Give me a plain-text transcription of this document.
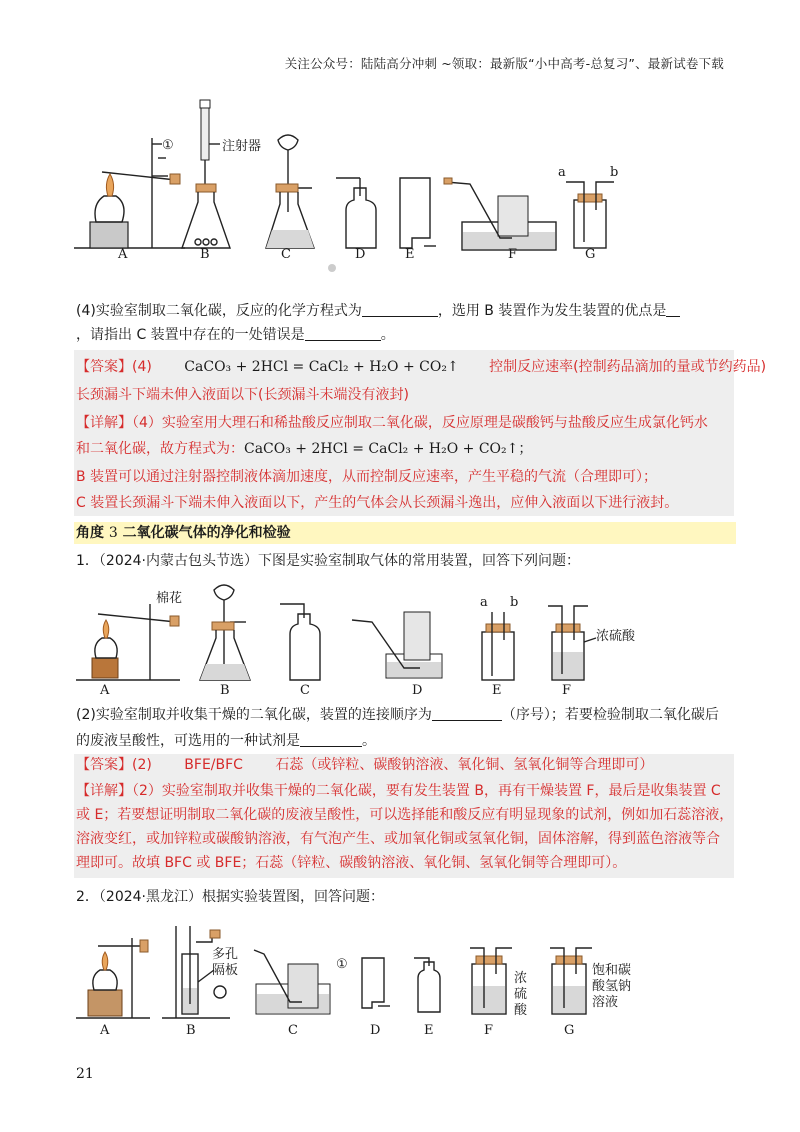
关注公众号：陆陆高分冲刺 ~领取：最新版“小中高考-总复习”、最新试卷下载
①
A
注射器
B	C	D	E	F
a	b
G
(4)实验室制取二氧化碳，反应的化学方程式为	，选用 B 装置作为发生装置的优点是
，请指出 C 装置中存在的一处错误是	。
【答案】(4) CaCO₃ + 2HCl = CaCl₂ + H₂O + CO₂↑ 控制反应速率(控制药品滴加的量或节约药品)
长颈漏斗下端未伸入液面以下(长颈漏斗末端没有液封)
【详解】（4）实验室用大理石和稀盐酸反应制取二氧化碳，反应原理是碳酸钙与盐酸反应生成氯化钙水
和二氧化碳，故方程式为：CaCO₃ + 2HCl = CaCl₂ + H₂O + CO₂↑；
B 装置可以通过注射器控制液体滴加速度，从而控制反应速率，产生平稳的气流（合理即可）；
C 装置长颈漏斗下端未伸入液面以下，产生的气体会从长颈漏斗逸出，应伸入液面以下进行液封。
角度 3 二氧化碳气体的净化和检验
1．（2024·内蒙古包头节选）下图是实验室制取气体的常用装置，回答下列问题：
棉花
A	B	C	D
a b
E
浓硫酸
F
(2)实验室制取并收集干燥的二氧化碳，装置的连接顺序为	（序号）；若要检验制取二氧化碳后
的废液呈酸性，可选用的一种试剂是	。
【答案】(2) BFE/BFC 石蕊（或锌粒、碳酸钠溶液、氧化铜、氢氧化铜等合理即可）
【详解】（2）实验室制取并收集干燥的二氧化碳，要有发生装置 B，再有干燥装置 F，最后是收集装置 C
或 E；若要想证明制取二氧化碳的废液呈酸性，可以选择能和酸反应有明显现象的试剂，例如加石蕊溶液，
溶液变红，或加锌粒或碳酸钠溶液，有气泡产生、或加氧化铜或氢氧化铜，固体溶解，得到蓝色溶液等合
理即可。故填 BFC 或 BFE；石蕊（锌粒、碳酸钠溶液、氧化铜、氢氧化铜等合理即可）。
2．（2024·黑龙江）根据实验装置图，回答问题：
A
多孔
隔板
B	C
①
D	E
浓
硫
酸
F
饱和碳
酸氢钠
溶液
G
21
